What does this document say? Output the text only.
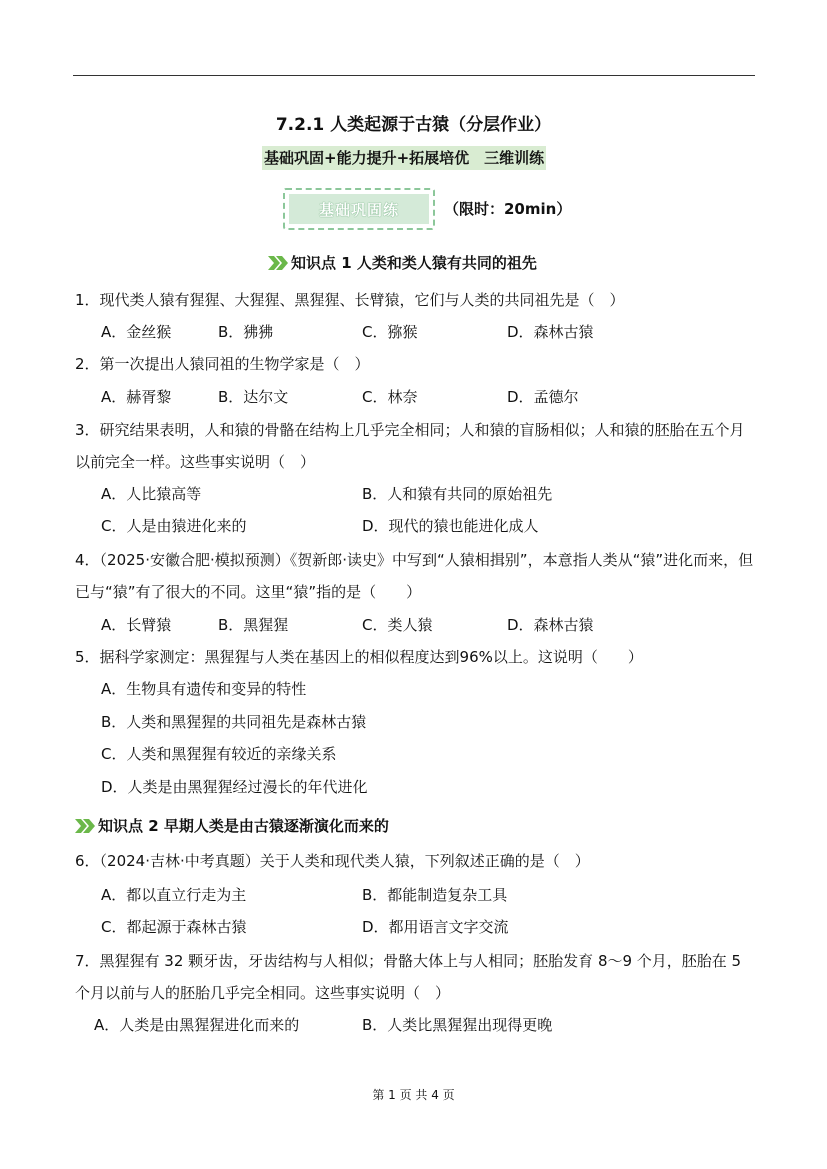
7.2.1 人类起源于古猿（分层作业）
基础巩固+能力提升+拓展培优　三维训练
基础巩固练	（限时：20min）
知识点 1 人类和类人猿有共同的祖先
1．现代类人猿有猩猩、大猩猩、黑猩猩、长臂猿，它们与人类的共同祖先是（　）
A．金丝猴	B．狒狒	C．猕猴	D．森林古猿
2．第一次提出人猿同祖的生物学家是（　）
A．赫胥黎	B．达尔文	C．林奈	D．孟德尔
3．研究结果表明，人和猿的骨骼在结构上几乎完全相同；人和猿的盲肠相似；人和猿的胚胎在五个月以前完全一样。这些事实说明（　）
A．人比猿高等	B．人和猿有共同的原始祖先
C．人是由猿进化来的	D．现代的猿也能进化成人
4．（2025·安徽合肥·模拟预测）《贺新郎·读史》中写到“人猿相揖别”，本意指人类从“猿”进化而来，但已与“猿”有了很大的不同。这里“猿”指的是（　　）
A．长臂猿	B．黑猩猩	C．类人猿	D．森林古猿
5．据科学家测定：黑猩猩与人类在基因上的相似程度达到96%以上。这说明（　　）
A．生物具有遗传和变异的特性
B．人类和黑猩猩的共同祖先是森林古猿
C．人类和黑猩猩有较近的亲缘关系
D．人类是由黑猩猩经过漫长的年代进化
知识点 2 早期人类是由古猿逐渐演化而来的
6．（2024·吉林·中考真题）关于人类和现代类人猿，下列叙述正确的是（　）
A．都以直立行走为主	B．都能制造复杂工具
C．都起源于森林古猿	D．都用语言文字交流
7．黑猩猩有 32 颗牙齿，牙齿结构与人相似；骨骼大体上与人相同；胚胎发育 8～9 个月，胚胎在 5 个月以前与人的胚胎几乎完全相同。这些事实说明（　）
A．人类是由黑猩猩进化而来的	B．人类比黑猩猩出现得更晚
第 1 页 共 4 页
